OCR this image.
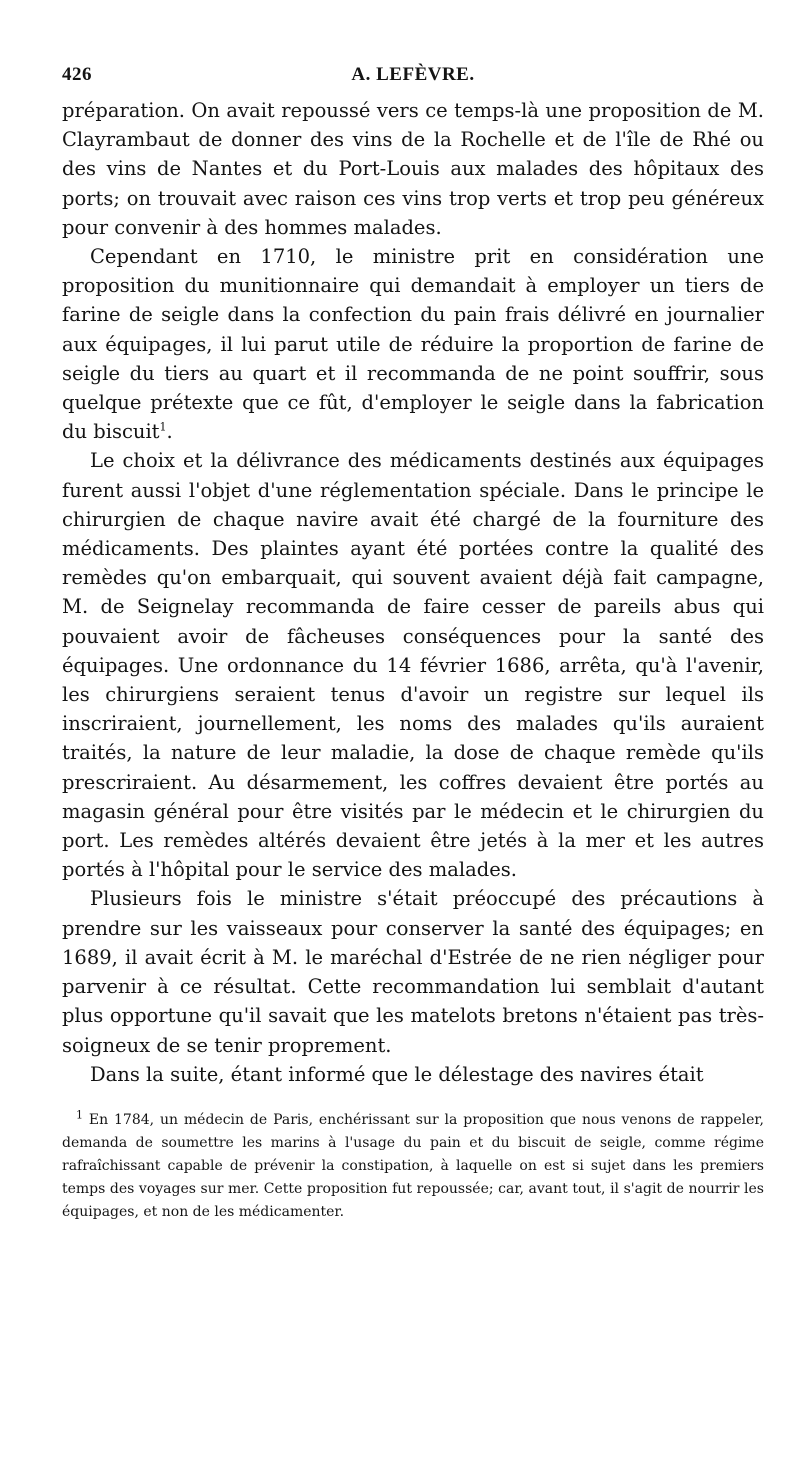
426	A. LEFÈVRE.

préparation. On avait repoussé vers ce temps-là une proposition de M. Clayrambaut de donner des vins de la Rochelle et de l'île de Rhé ou des vins de Nantes et du Port-Louis aux malades des hôpitaux des ports; on trouvait avec raison ces vins trop verts et trop peu généreux pour convenir à des hommes malades.

Cependant en 1710, le ministre prit en considération une proposition du munitionnaire qui demandait à employer un tiers de farine de seigle dans la confection du pain frais délivré en journalier aux équipages, il lui parut utile de réduire la proportion de farine de seigle du tiers au quart et il recommanda de ne point souffrir, sous quelque prétexte que ce fût, d'employer le seigle dans la fabrication du biscuit$^1$.

Le choix et la délivrance des médicaments destinés aux équipages furent aussi l'objet d'une réglementation spéciale. Dans le principe le chirurgien de chaque navire avait été chargé de la fourniture des médicaments. Des plaintes ayant été portées contre la qualité des remèdes qu'on embarquait, qui souvent avaient déjà fait campagne, M. de Seignelay recommanda de faire cesser de pareils abus qui pouvaient avoir de fâcheuses conséquences pour la santé des équipages. Une ordonnance du 14 février 1686, arrêta, qu'à l'avenir, les chirurgiens seraient tenus d'avoir un registre sur lequel ils inscriraient, journellement, les noms des malades qu'ils auraient traités, la nature de leur maladie, la dose de chaque remède qu'ils prescriraient. Au désarmement, les coffres devaient être portés au magasin général pour être visités par le médecin et le chirurgien du port. Les remèdes altérés devaient être jetés à la mer et les autres portés à l'hôpital pour le service des malades.

Plusieurs fois le ministre s'était préoccupé des précautions à prendre sur les vaisseaux pour conserver la santé des équipages; en 1689, il avait écrit à M. le maréchal d'Estrée de ne rien négliger pour parvenir à ce résultat. Cette recommandation lui semblait d'autant plus opportune qu'il savait que les matelots bretons n'étaient pas très-soigneux de se tenir proprement.

Dans la suite, étant informé que le délestage des navires était

$^1$ En 1784, un médecin de Paris, enchérissant sur la proposition que nous venons de rappeler, demanda de soumettre les marins à l'usage du pain et du biscuit de seigle, comme régime rafraîchissant capable de prévenir la constipation, à laquelle on est si sujet dans les premiers temps des voyages sur mer. Cette proposition fut repoussée; car, avant tout, il s'agit de nourrir les équipages, et non de les médicamenter.
